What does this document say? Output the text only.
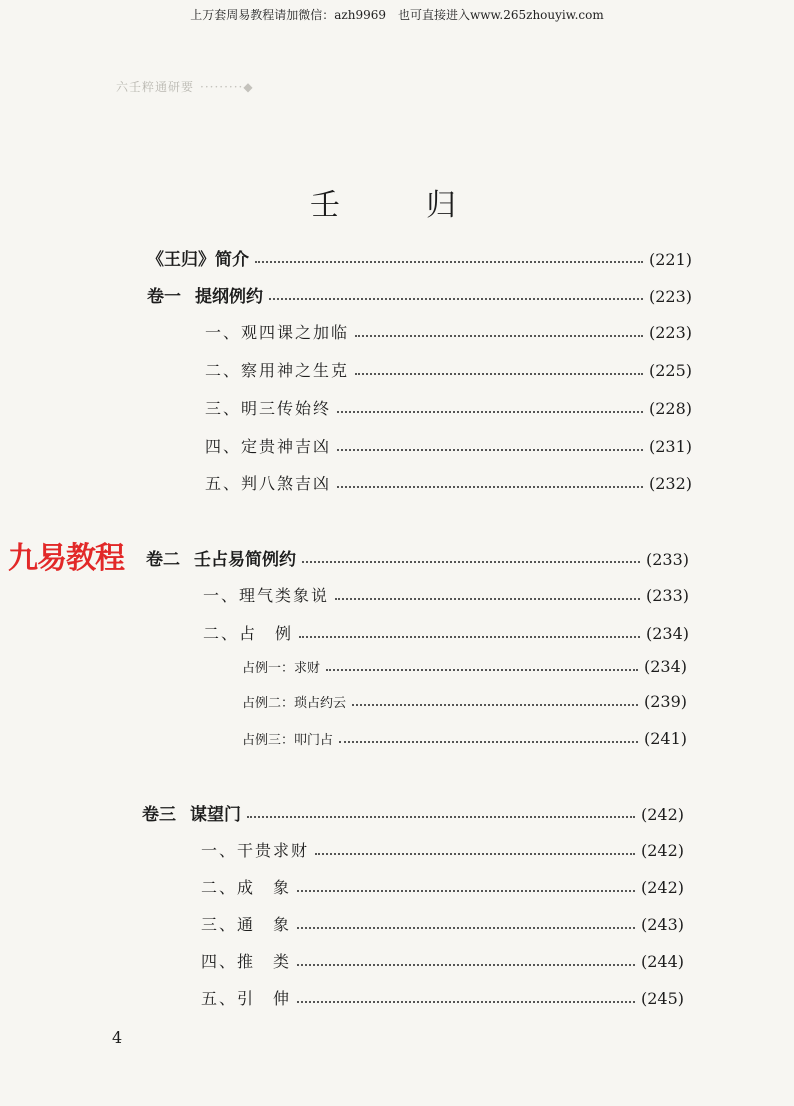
上万套周易教程请加微信：azh9969　也可直接进入www.265zhouyiw.com
六壬粹通研要 ·········◆
壬　归
九易教程
《王归》简介	(221)
卷一 提纲例约	(223)
一、观四课之加临	(223)
二、察用神之生克	(225)
三、明三传始终	(228)
四、定贵神吉凶	(231)
五、判八煞吉凶	(232)
卷二 壬占易简例约	(233)
一、理气类象说	(233)
二、占　例	(234)
占例一：求财	(234)
占例二：琐占约云	(239)
占例三：叩门占	(241)
卷三 谋望门	(242)
一、干贵求财	(242)
二、成　象	(242)
三、通　象	(243)
四、推　类	(244)
五、引　伸	(245)
4
